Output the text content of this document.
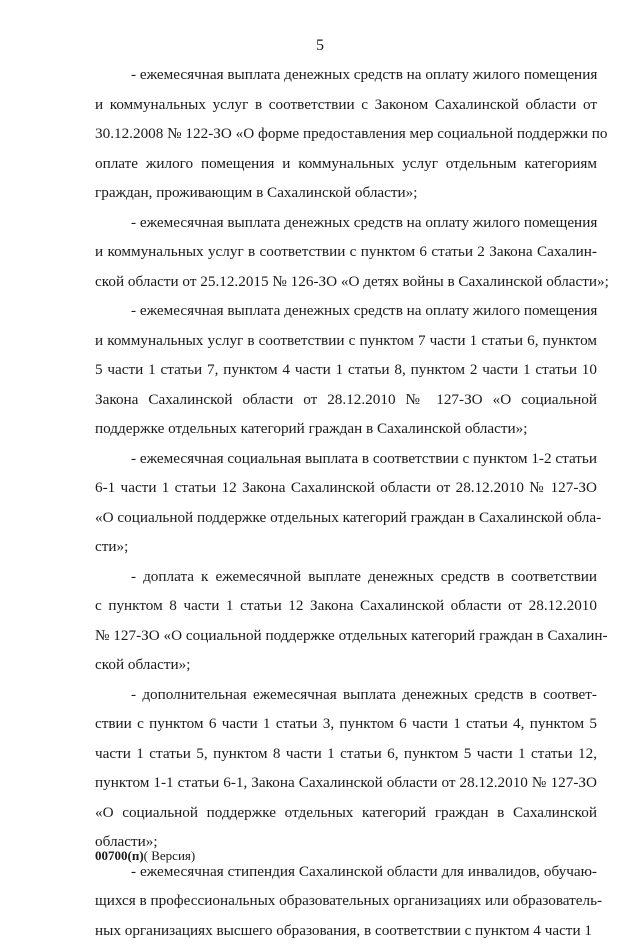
5
- ежемесячная выплата денежных средств на оплату жилого помещения
и коммунальных услуг в соответствии с Законом Сахалинской области от
30.12.2008 № 122-ЗО «О форме предоставления мер социальной поддержки по
оплате жилого помещения и коммунальных услуг отдельным категориям
граждан, проживающим в Сахалинской области»;
- ежемесячная выплата денежных средств на оплату жилого помещения
и коммунальных услуг в соответствии с пунктом 6 статьи 2 Закона Сахалин-
ской области от 25.12.2015 № 126-ЗО «О детях войны в Сахалинской области»;
- ежемесячная выплата денежных средств на оплату жилого помещения
и коммунальных услуг в соответствии с пунктом 7 части 1 статьи 6, пунктом
5 части 1 статьи 7, пунктом 4 части 1 статьи 8, пунктом 2 части 1 статьи 10
Закона Сахалинской области от 28.12.2010 № 127-ЗО «О социальной
поддержке отдельных категорий граждан в Сахалинской области»;
- ежемесячная социальная выплата в соответствии с пунктом 1-2 статьи
6-1 части 1 статьи 12 Закона Сахалинской области от 28.12.2010 № 127-ЗО
«О социальной поддержке отдельных категорий граждан в Сахалинской обла-
сти»;
- доплата к ежемесячной выплате денежных средств в соответствии
с пунктом 8 части 1 статьи 12 Закона Сахалинской области от 28.12.2010
№ 127-ЗО «О социальной поддержке отдельных категорий граждан в Сахалин-
ской области»;
- дополнительная ежемесячная выплата денежных средств в соответ-
ствии с пунктом 6 части 1 статьи 3, пунктом 6 части 1 статьи 4, пунктом 5
части 1 статьи 5, пунктом 8 части 1 статьи 6, пунктом 5 части 1 статьи 12,
пунктом 1-1 статьи 6-1, Закона Сахалинской области от 28.12.2010 № 127-ЗО
«О социальной поддержке отдельных категорий граждан в Сахалинской
области»;
- ежемесячная стипендия Сахалинской области для инвалидов, обучаю-
щихся в профессиональных образовательных организациях или образователь-
ных организациях высшего образования, в соответствии с пунктом 4 части 1
00700(п)( Версия)
